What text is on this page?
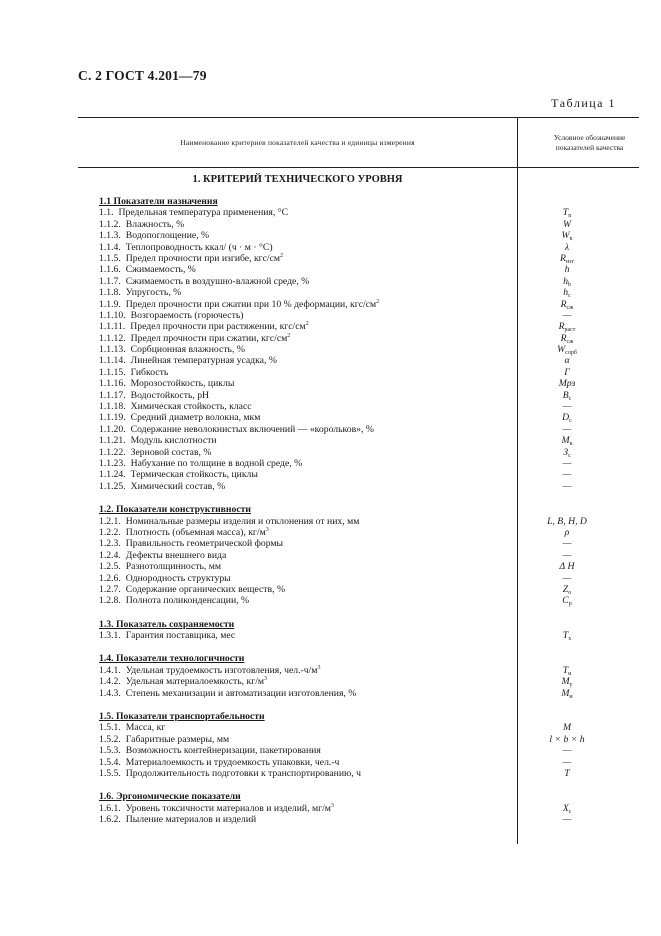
С. 2 ГОСТ 4.201—79
Таблица 1
Наименование критериев показателей качества и единицы измерения
Условное обозначение показателей качества
1. КРИТЕРИЙ ТЕХНИЧЕСКОГО УРОВНЯ
1.1 Показатели назначения
1.1. Предельная температура применения, °С	$T_n$
1.1.2. Влажность, %	W
1.1.3. Водопоглощение, %	$W_n$
1.1.4. Теплопроводность ккал/ (ч · м · °С)	λ
1.1.5. Предел прочности при изгибе, кгс/$см^2$	$R_{изг}$
1.1.6. Сжимаемость, %	h
1.1.7. Сжимаемость в воздушно-влажной среде, %	$h_b$
1.1.8. Упругость, %	$h_c$
1.1.9. Предел прочности при сжатии при 10 % деформации, кгс/$см^2$	$R_{сж}$
1.1.10. Возгораемость (горючесть)	—
1.1.11. Предел прочности при растяжении, кгс/$см^2$	$R_{раст}$
1.1.12. Предел прочности при сжатии, кгс/$см^2$	$R_{сж}$
1.1.13. Сорбционная влажность, %	$W_{сорб}$
1.1.14. Линейная температурная усадка, %	α
1.1.15. Гибкость	Г
1.1.16. Морозостойкость, циклы	Мрз
1.1.17. Водостойкость, рН	$B_c$
1.1.18. Химическая стойкость, класс	—
1.1.19. Средний диаметр волокна, мкм	$D_c$
1.1.20. Содержание неволокнистых включений — «корольков», %	—
1.1.21. Модуль кислотности	$M_к$
1.1.22. Зерновой состав, %	$З_c$
1.1.23. Набухание по толщине в водной среде, %	—
1.1.24. Термическая стойкость, циклы	—
1.1.25. Химический состав, %	—
1.2. Показатели конструктивности
1.2.1. Номинальные размеры изделия и отклонения от них, мм	L, B, H, D
1.2.2. Плотность (объемная масса), $кг/м^3$	ρ
1.2.3. Правильность геометрической формы	—
1.2.4. Дефекты внешнего вида	—
1.2.5. Разнотолщинность, мм	Δ H
1.2.6. Однородность структуры	—
1.2.7. Содержание органических веществ, %	$Z_o$
1.2.8. Полнота поликонденсации, %	$C_p$
1.3. Показатель сохраняемости
1.3.1. Гарантия поставщика, мес	$T_x$
1.4. Показатели технологичности
1.4.1. Удельная трудоемкость изготовления, $чел.-ч/м^3$	$T_и$
1.4.2. Удельная материалоемкость, $кг/м^3$	$M_y$
1.4.3. Степень механизации и автоматизации изготовления, %	$M_и$
1.5. Показатели транспортабельности
1.5.1. Масса, кг	M
1.5.2. Габаритные размеры, мм	l × b × h
1.5.3. Возможность контейнеризации, пакетирования	—
1.5.4. Материалоемкость и трудоемкость упаковки, чел.-ч	—
1.5.5. Продолжительность подготовки к транспортированию, ч	T
1.6. Эргономические показатели
1.6.1. Уровень токсичности материалов и изделий, $мг/м^3$	$X_c$
1.6.2. Пыление материалов и изделий	—
